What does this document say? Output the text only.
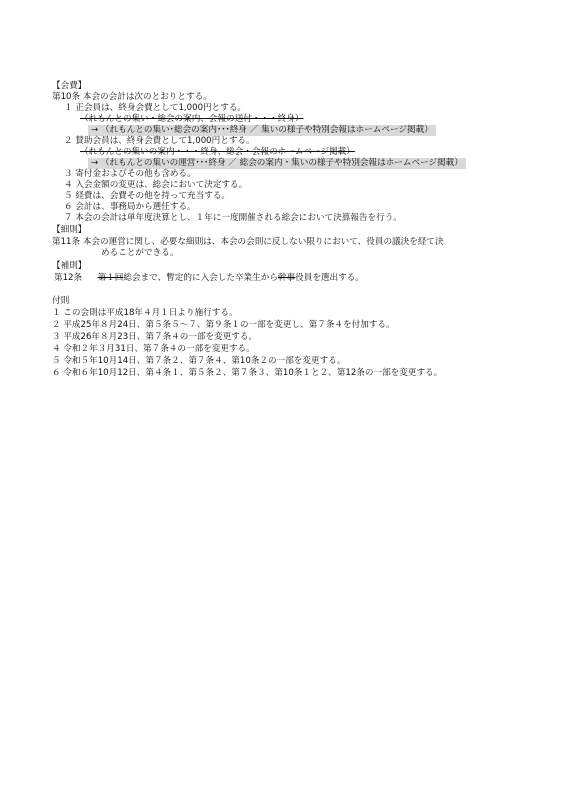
【会費】
第10条 本会の会計は次のとおりとする。
１ 正会員は、終身会費として1,000円とする。
（れもんとの集い・総会の案内、会報の送付・・・終身）
→ （れもんとの集い･総会の案内･･･終身 ／ 集いの様子や特別会報はホームページ掲載）
２ 賛助会員は、終身会費として1,000円とする。
（れもんとの集いの案内・・・終身、総会・会報のホームページ掲載）
→ （れもんとの集いの運営･･･終身 ／ 総会の案内・集いの様子や特別会報はホームページ掲載）
３ 寄付金およびその他も含める。
４ 入会金額の変更は、総会において決定する。
５ 経費は、会費その他を持って充当する。
６ 会計は、事務局から選任する。
７ 本会の会計は単年度決算とし、１年に一度開催される総会において決算報告を行う。
【細則】
第11条 本会の運営に関し、必要な細則は、本会の会則に反しない限りにおいて、役員の議決を経て決
めることができる。
【補則】
第12条 第１回総会まで、暫定的に入会した卒業生から幹事役員を選出する。
付則
１ この会則は平成18年４月１日より施行する。
２ 平成25年８月24日、第５条５～７、第９条１の一部を変更し、第７条４を付加する。
３ 平成26年８月23日、第７条４の一部を変更する。
４ 令和２年３月31日、第７条４の一部を変更する。
５ 令和５年10月14日、第７条２、第７条４、第10条２の一部を変更する。
６ 令和６年10月12日、第４条１、第５条２、第７条３、第10条１と２、第12条の一部を変更する。
